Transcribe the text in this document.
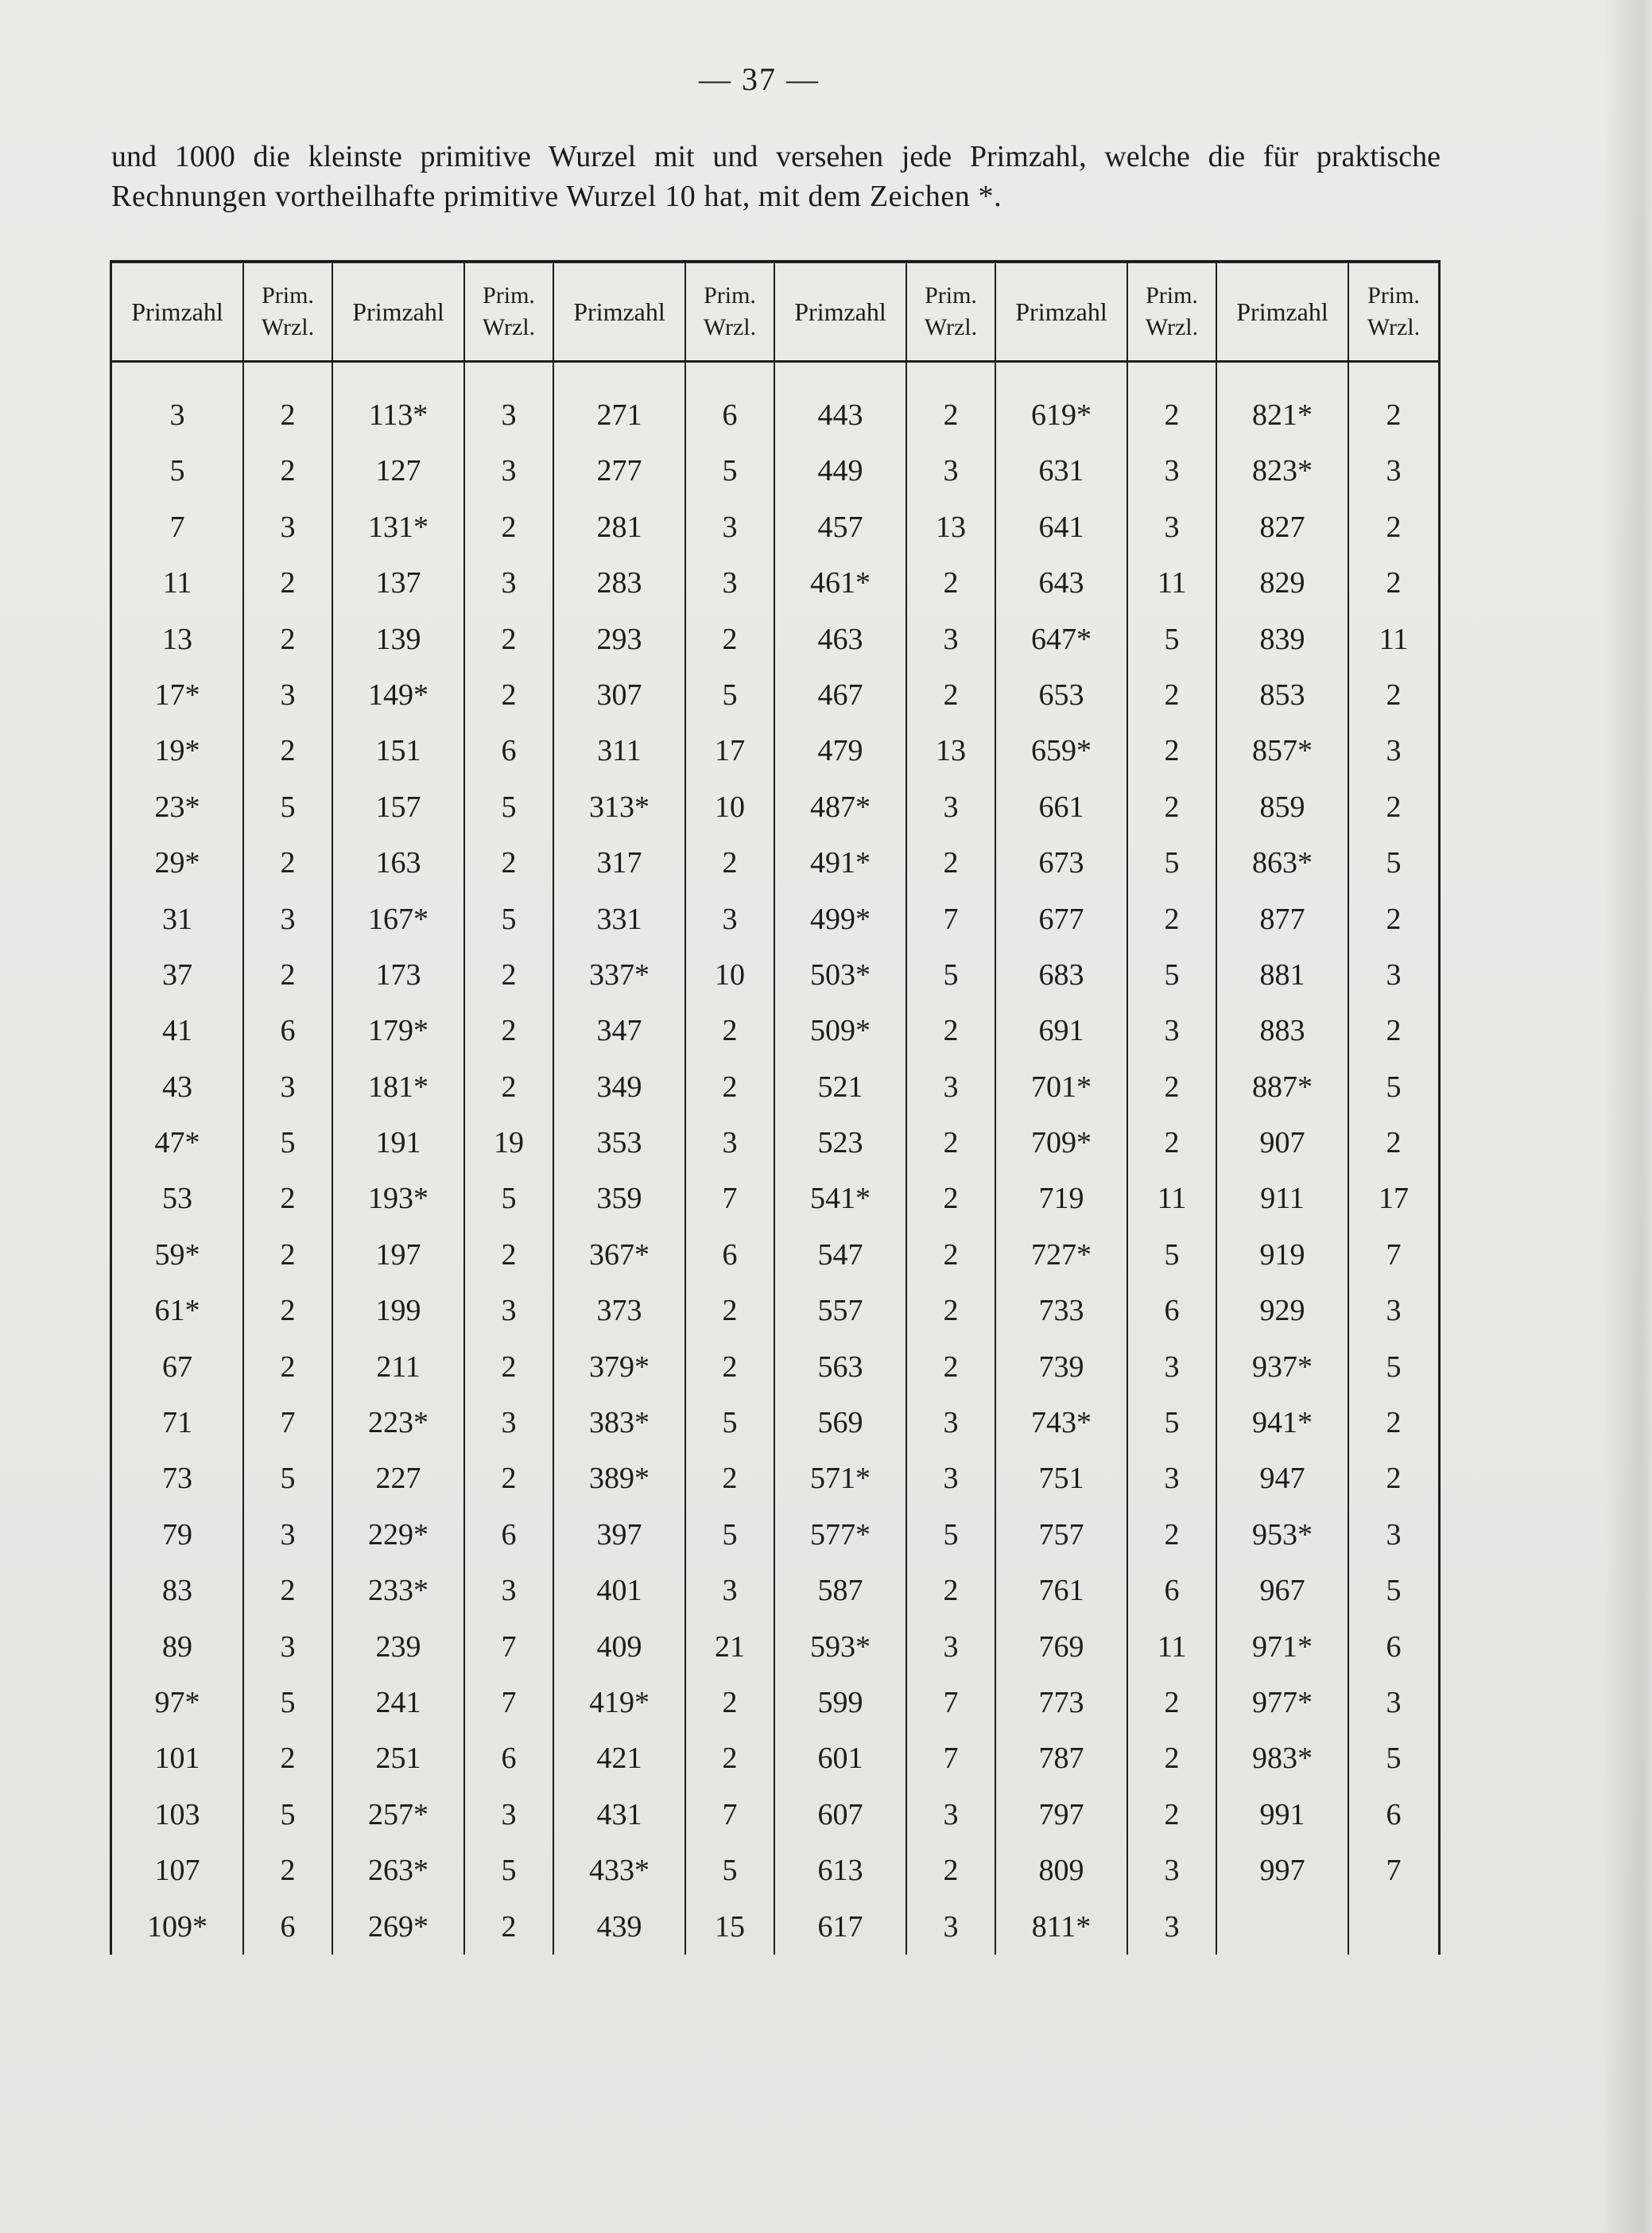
— 37 —
und 1000 die kleinste primitive Wurzel mit und versehen jede Primzahl, welche die für praktische
Rechnungen vortheilhafte primitive Wurzel 10 hat, mit dem Zeichen *.
Primzahl
Prim.
Wrzl.
Primzahl
Prim.
Wrzl.
Primzahl
Prim.
Wrzl.
Primzahl
Prim.
Wrzl.
Primzahl
Prim.
Wrzl.
Primzahl
Prim.
Wrzl.
3
5
7
11
13
17*
19*
23*
29*
31
37
41
43
47*
53
59*
61*
67
71
73
79
83
89
97*
101
103
107
109*
2
2
3
2
2
3
2
5
2
3
2
6
3
5
2
2
2
2
7
5
3
2
3
5
2
5
2
6
113*
127
131*
137
139
149*
151
157
163
167*
173
179*
181*
191
193*
197
199
211
223*
227
229*
233*
239
241
251
257*
263*
269*
3
3
2
3
2
2
6
5
2
5
2
2
2
19
5
2
3
2
3
2
6
3
7
7
6
3
5
2
271
277
281
283
293
307
311
313*
317
331
337*
347
349
353
359
367*
373
379*
383*
389*
397
401
409
419*
421
431
433*
439
6
5
3
3
2
5
17
10
2
3
10
2
2
3
7
6
2
2
5
2
5
3
21
2
2
7
5
15
443
449
457
461*
463
467
479
487*
491*
499*
503*
509*
521
523
541*
547
557
563
569
571*
577*
587
593*
599
601
607
613
617
2
3
13
2
3
2
13
3
2
7
5
2
3
2
2
2
2
2
3
3
5
2
3
7
7
3
2
3
619*
631
641
643
647*
653
659*
661
673
677
683
691
701*
709*
719
727*
733
739
743*
751
757
761
769
773
787
797
809
811*
2
3
3
11
5
2
2
2
5
2
5
3
2
2
11
5
6
3
5
3
2
6
11
2
2
2
3
3
821*
823*
827
829
839
853
857*
859
863*
877
881
883
887*
907
911
919
929
937*
941*
947
953*
967
971*
977*
983*
991
997
2
3
2
2
11
2
3
2
5
2
3
2
5
2
17
7
3
5
2
2
3
5
6
3
5
6
7
